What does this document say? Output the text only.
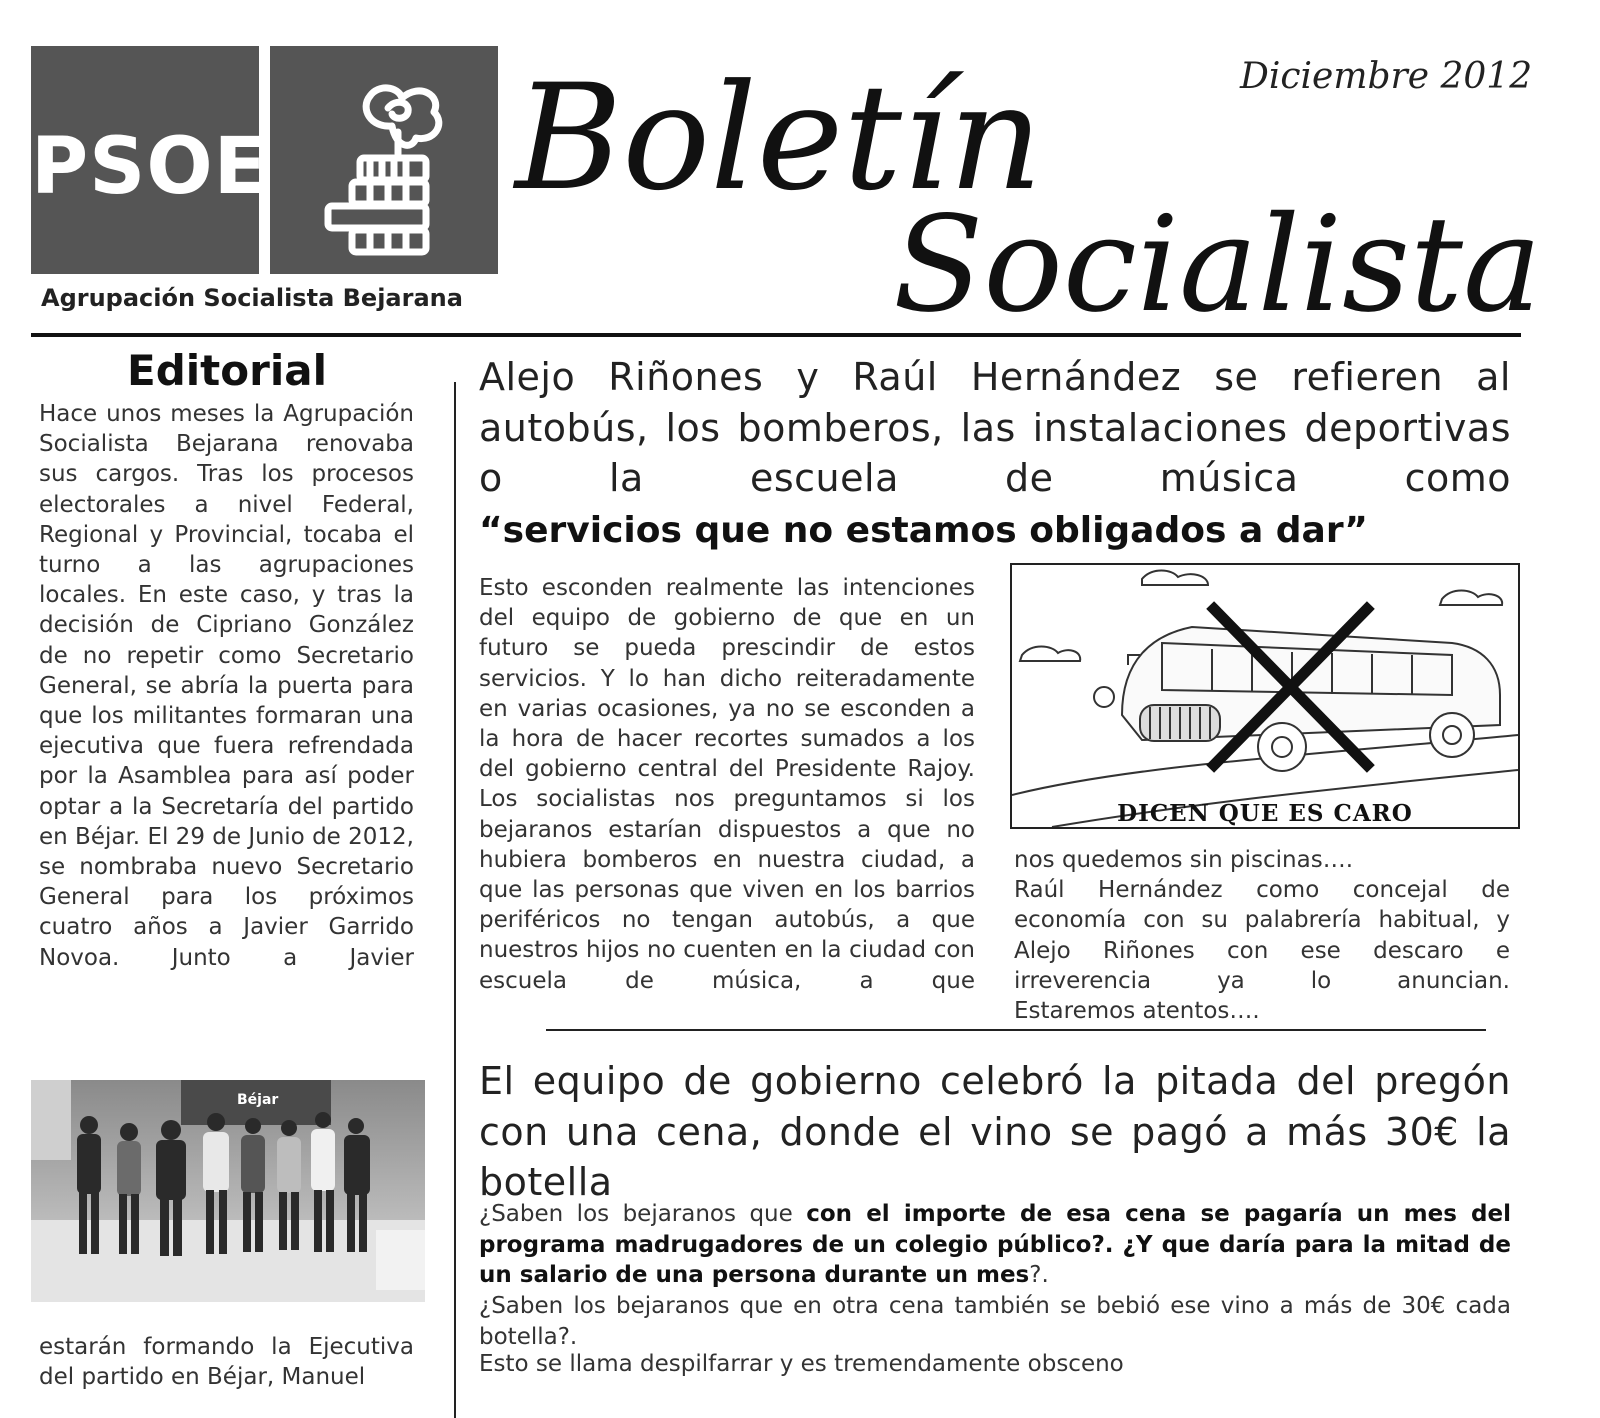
PSOE
Agrupación Socialista Bejarana
Boletín
Socialista
Diciembre 2012
Editorial
Hace unos meses la Agrupación Socialista Bejarana renovaba sus cargos. Tras los procesos electorales a nivel Federal, Regional y Provincial, tocaba el turno a las agrupaciones locales. En este caso, y tras la decisión de Cipriano González de no repetir como Secretario General, se abría la puerta para que los militantes formaran una ejecutiva que fuera refrendada por la Asamblea para así poder optar a la Secretaría del partido en Béjar. El 29 de Junio de 2012, se nombraba nuevo Secretario General para los próximos cuatro años a Javier Garrido Novoa. Junto a Javier
Béjar
estarán formando la Ejecutiva del partido en Béjar, Manuel
Alejo Riñones y Raúl Hernández se refieren al autobús, los bomberos, las instalaciones deportivas o la escuela de música como
“servicios que no estamos obligados a dar”
Esto esconden realmente las intenciones del equipo de gobierno de que en un futuro se pueda prescindir de estos servicios. Y lo han dicho reiteradamente en varias ocasiones, ya no se esconden a la hora de hacer recortes sumados a los del gobierno central del Presidente Rajoy.
Los socialistas nos preguntamos si los bejaranos estarían dispuestos a que no hubiera bomberos en nuestra ciudad, a que las personas que viven en los barrios periféricos no tengan autobús, a que nuestros hijos no cuenten en la ciudad con escuela de música, a que
DICEN QUE ES CARO
nos quedemos sin piscinas….
Raúl Hernández como concejal de economía con su palabrería habitual, y Alejo Riñones con ese descaro e irreverencia ya lo anuncian.
Estaremos atentos….
El equipo de gobierno celebró la pitada del pregón con una cena, donde el vino se pagó a más 30€ la botella
¿Saben los bejaranos que con el importe de esa cena se pagaría un mes del programa madrugadores de un colegio público?. ¿Y que daría para la mitad de un salario de una persona durante un mes?.
¿Saben los bejaranos que en otra cena también se bebió ese vino a más de 30€ cada botella?.
Esto se llama despilfarrar y es tremendamente obsceno
